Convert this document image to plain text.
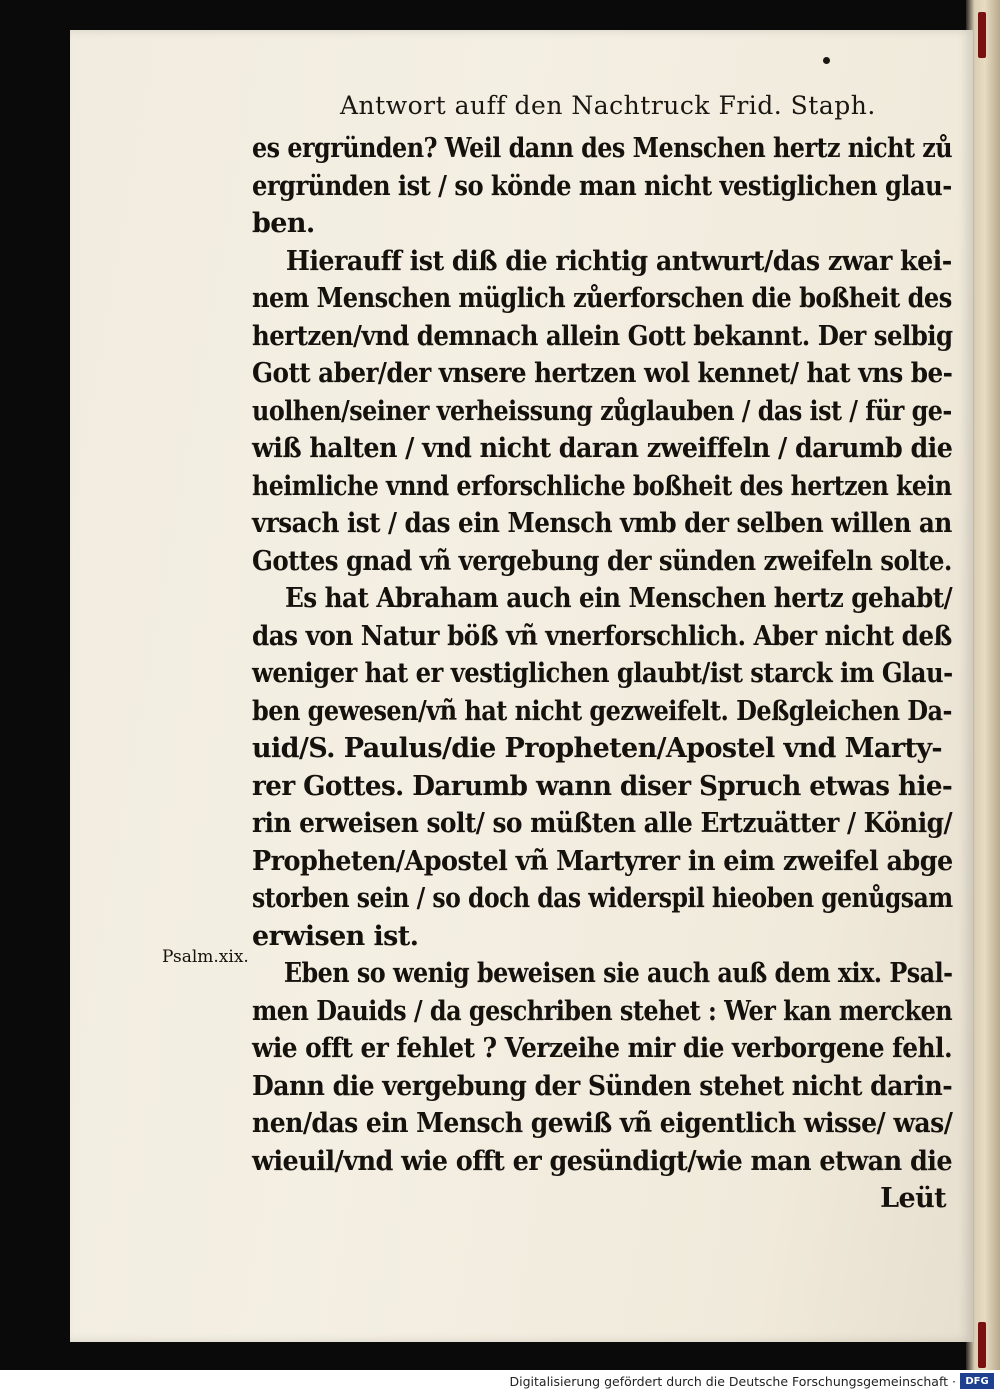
Antwort auff den Nachtruck Frid. Staph.
Psalm.xix.
es ergründen? Weil dann des Menschen hertz nicht zů
ergründen ist / so könde man nicht vestiglichen glau-
ben.
Hierauff ist diß die richtig antwurt/das zwar kei-
nem Menschen müglich zůerforschen die boßheit des
hertzen/vnd demnach allein Gott bekannt. Der selbig
Gott aber/der vnsere hertzen wol kennet/ hat vns be-
uolhen/seiner verheissung zůglauben / das ist / für ge-
wiß halten / vnd nicht daran zweiffeln / darumb die
heimliche vnnd erforschliche boßheit des hertzen kein
vrsach ist / das ein Mensch vmb der selben willen an
Gottes gnad vñ vergebung der sünden zweifeln solte.
Es hat Abraham auch ein Menschen hertz gehabt/
das von Natur böß vñ vnerforschlich. Aber nicht deß
weniger hat er vestiglichen glaubt/ist starck im Glau-
ben gewesen/vñ hat nicht gezweifelt. Deßgleichen Da-
uid/S. Paulus/die Propheten/Apostel vnd Marty-
rer Gottes. Darumb wann diser Spruch etwas hie-
rin erweisen solt/ so müßten alle Ertzuätter / König/
Propheten/Apostel vñ Martyrer in eim zweifel abge
storben sein / so doch das widerspil hieoben genůgsam
erwisen ist.
Eben so wenig beweisen sie auch auß dem xix. Psal-
men Dauids / da geschriben stehet : Wer kan mercken
wie offt er fehlet ? Verzeihe mir die verborgene fehl.
Dann die vergebung der Sünden stehet nicht darin-
nen/das ein Mensch gewiß vñ eigentlich wisse/ was/
wieuil/vnd wie offt er gesündigt/wie man etwan die
Leüt
Digitalisierung gefördert durch die Deutsche Forschungsgemeinschaft · DFG
